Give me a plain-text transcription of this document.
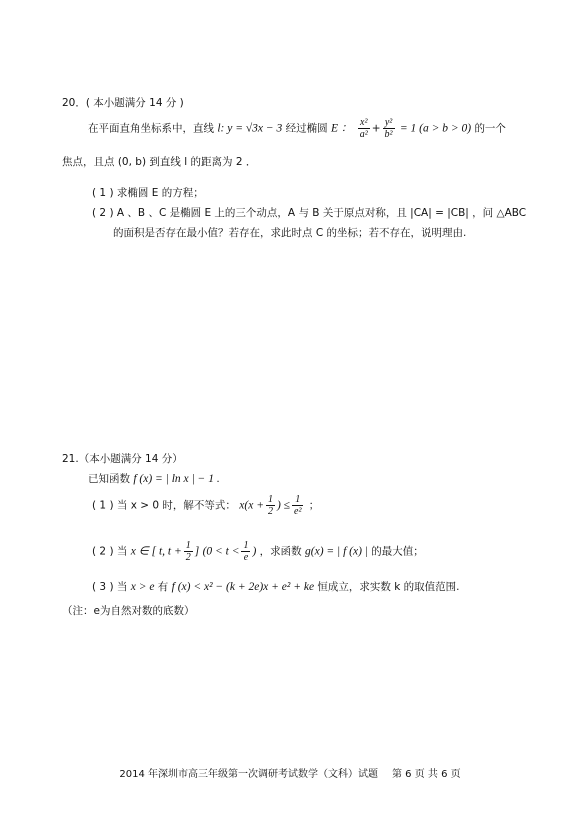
20．( 本小题满分 14 分 )
在平面直角坐标系中，直线 l: y = √3x − 3 经过椭圆 E ： $\frac{\text{x²}}{\text{a²}} + \frac{\text{y²}}{\text{b²}} = 1$ (a > b > 0) 的一个
焦点，且点 (0, b) 到直线 l 的距离为 2 ．
( 1 ) 求椭圆 E 的方程；
( 2 ) A 、B 、C 是椭圆 E 上的三个动点，A 与 B 关于原点对称，且 |CA| = |CB| ，问 △ABC
的面积是否存在最小值？若存在，求此时点 C 的坐标；若不存在，说明理由.
21.（本小题满分 14 分）
已知函数 f (x) = | ln x | − 1 .
( 1 ) 当 x > 0 时，解不等式： $x(x + \frac{1}{2}$ ) ≤ $\frac{1}{\text{e²}}$ ；
( 2 ) 当 x ∈ [ t, $t + \frac{1}{2}$ ] ($0 < t < \frac{1}{e}$ ) ，求函数 g(x) = | f (x) | 的最大值；
( 3 ) 当 x > e 有 f (x) < x² − (k + 2e)x + e² + ke 恒成立，求实数 k 的取值范围.
（注：e为自然对数的底数）
2014 年深圳市高三年级第一次调研考试数学（文科）试题 第 6 页 共 6 页
